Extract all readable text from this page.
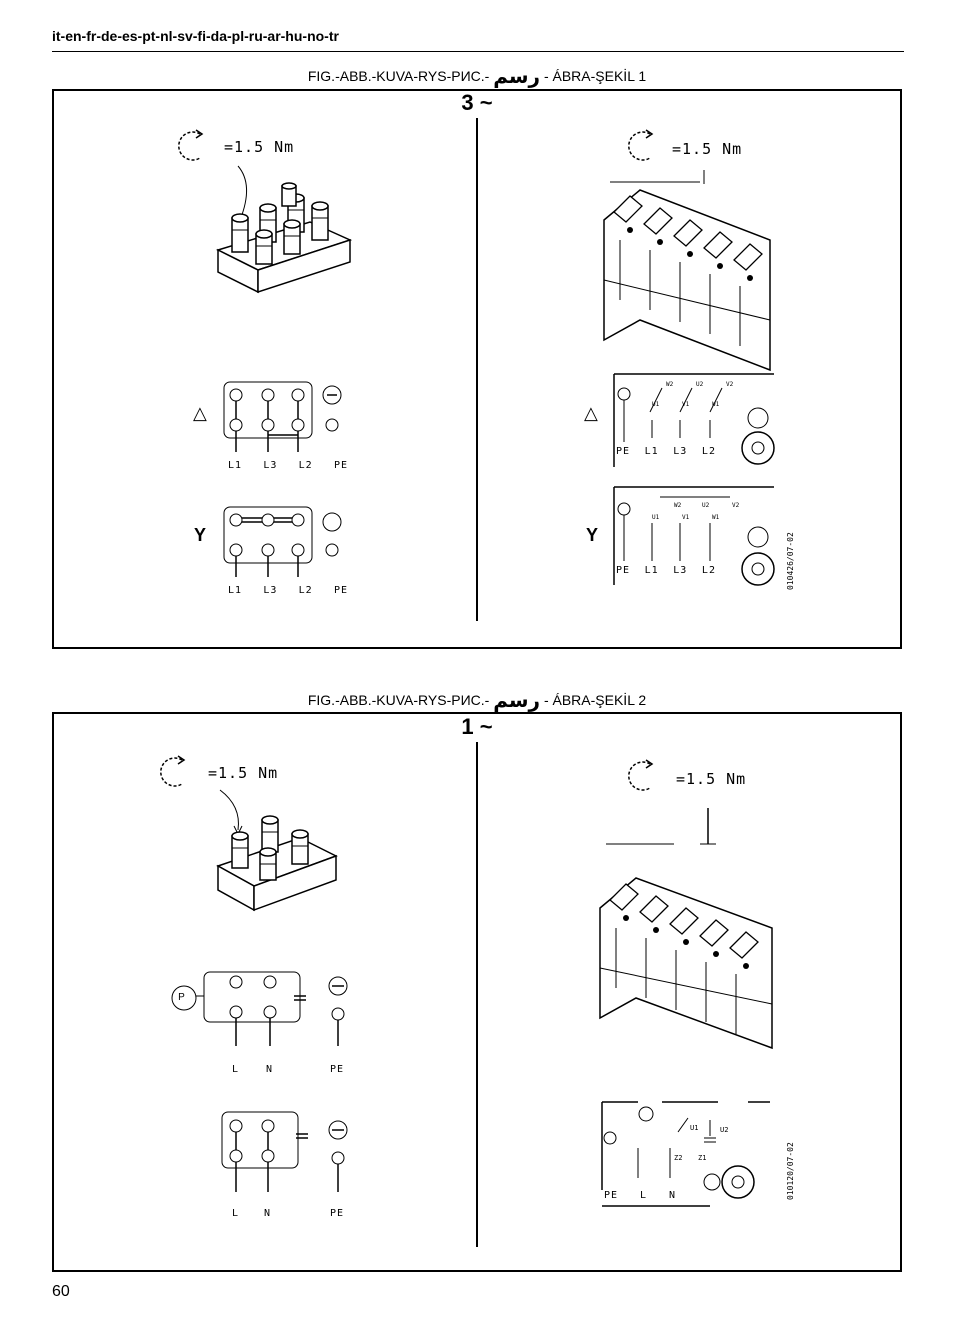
it-en-fr-de-es-pt-nl-sv-fi-da-pl-ru-ar-hu-no-tr
FIG.-ABB.-KUVA-RYS-РИС.- رسم - ÁBRA-ŞEKİL 1
3 ~
=1.5 Nm
△
L1 L3 L2 PE
Y
L1 L3 L2 PE
=1.5 Nm
△
W2	U2	V2
U1	V1	W1
PE L1 L3 L2
Y
W2	U2	V2
U1	V1	W1
PE L1 L3 L2	010426/07-02
FIG.-ABB.-KUVA-RYS-РИС.- رسم - ÁBRA-ŞEKİL 2
1 ~
=1.5 Nm
P
L	N	PE
L N	PE
=1.5 Nm
U1	U2
Z2 Z1
PE L N	010120/07-02
60
